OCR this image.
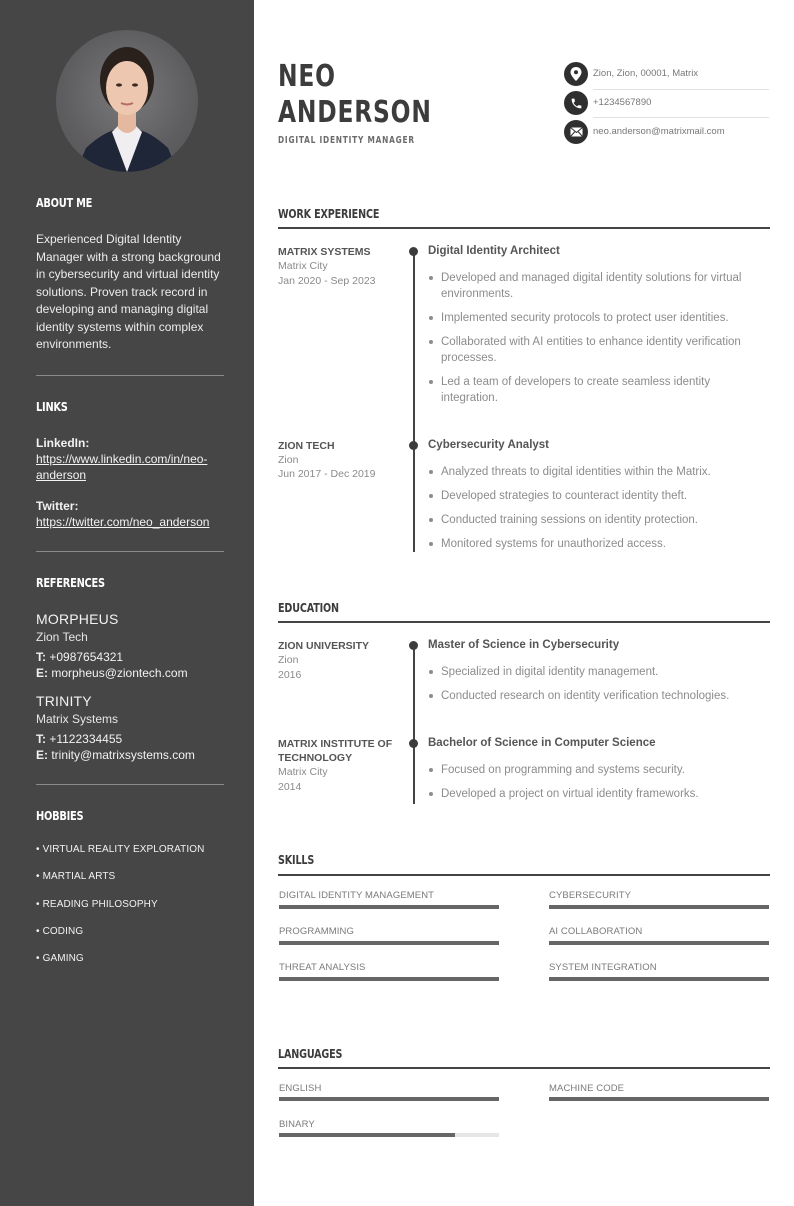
ABOUT ME

Experienced Digital Identity Manager with a strong background in cybersecurity and virtual identity solutions. Proven track record in developing and managing digital identity systems within complex environments.

LINKS
LinkedIn:
https://www.linkedin.com/in/neo-anderson
Twitter:
https://twitter.com/neo_anderson
REFERENCES
MORPHEUS
Zion Tech
T: +0987654321
E: morpheus@ziontech.com
TRINITY
Matrix Systems
T: +1122334455
E: trinity@matrixsystems.com
HOBBIES
• VIRTUAL REALITY EXPLORATION
• MARTIAL ARTS
• READING PHILOSOPHY
• CODING
• GAMING
NEO
ANDERSON
DIGITAL IDENTITY MANAGER
Zion, Zion, 00001, Matrix
+1234567890
neo.anderson@matrixmail.com
WORK EXPERIENCE
MATRIX SYSTEMS
Matrix City
Jan 2020 - Sep 2023
Digital Identity Architect
Developed and managed digital identity solutions for virtual environments.
Implemented security protocols to protect user identities.
Collaborated with AI entities to enhance identity verification processes.
Led a team of developers to create seamless identity integration.
ZION TECH
Zion
Jun 2017 - Dec 2019
Cybersecurity Analyst
Analyzed threats to digital identities within the Matrix.
Developed strategies to counteract identity theft.
Conducted training sessions on identity protection.
Monitored systems for unauthorized access.
EDUCATION
ZION UNIVERSITY
Zion
2016
Master of Science in Cybersecurity
Specialized in digital identity management.
Conducted research on identity verification technologies.
MATRIX INSTITUTE OF TECHNOLOGY
Matrix City
2014
Bachelor of Science in Computer Science
Focused on programming and systems security.
Developed a project on virtual identity frameworks.
SKILLS
DIGITAL IDENTITY MANAGEMENT	CYBERSECURITY
PROGRAMMING	AI COLLABORATION
THREAT ANALYSIS	SYSTEM INTEGRATION
LANGUAGES
ENGLISH	MACHINE CODE
BINARY
